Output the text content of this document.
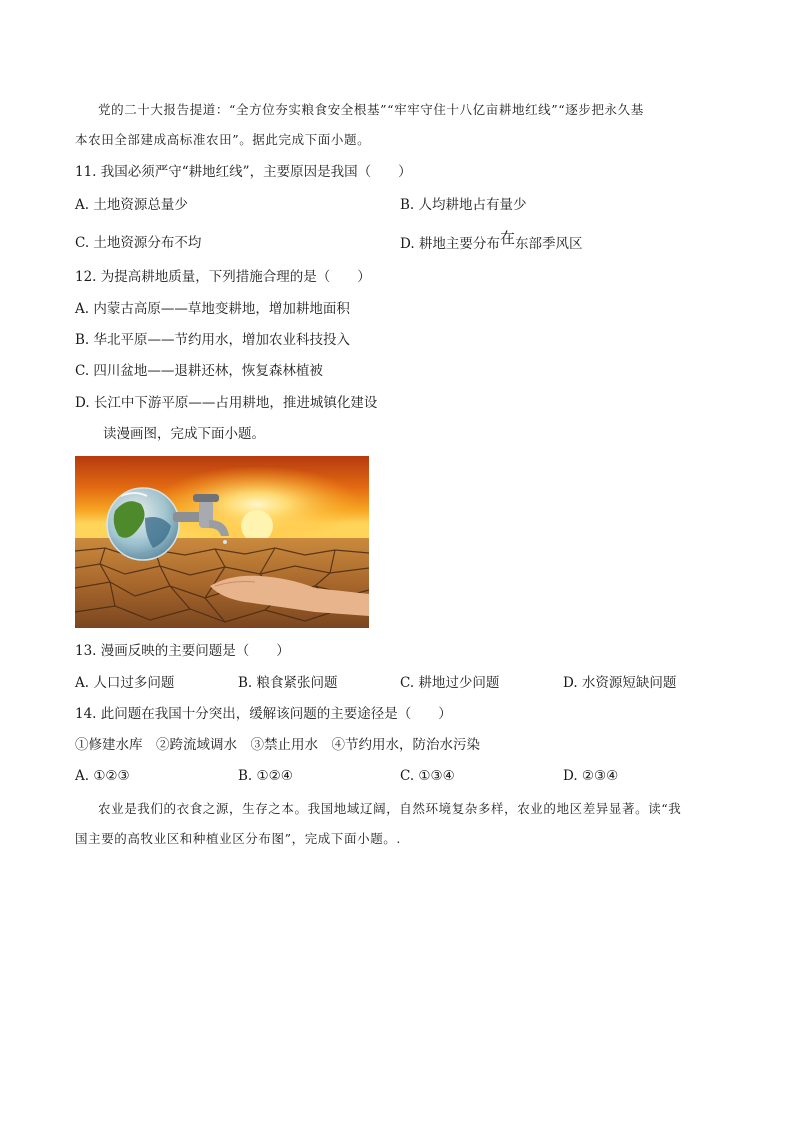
党的二十大报告提道：“全方位夯实粮食安全根基”“牢牢守住十八亿亩耕地红线”“逐步把永久基
本农田全部建成高标准农田”。据此完成下面小题。
11. 我国必须严守“耕地红线”，主要原因是我国（　　）
A. 土地资源总量少	B. 人均耕地占有量少
C. 土地资源分布不均	D. 耕地主要分布在东部季风区
12. 为提高耕地质量，下列措施合理的是（　　）
A. 内蒙古高原——草地变耕地，增加耕地面积
B. 华北平原——节约用水，增加农业科技投入
C. 四川盆地——退耕还林，恢复森林植被
D. 长江中下游平原——占用耕地，推进城镇化建设
读漫画图，完成下面小题。
13. 漫画反映的主要问题是（　　）
A. 人口过多问题	B. 粮食紧张问题	C. 耕地过少问题	D. 水资源短缺问题
14. 此问题在我国十分突出，缓解该问题的主要途径是（　　）
①修建水库　②跨流域调水　③禁止用水　④节约用水，防治水污染
A. ①②③	B. ①②④	C. ①③④	D. ②③④
农业是我们的衣食之源，生存之本。我国地域辽阔，自然环境复杂多样，农业的地区差异显著。读“我
国主要的高牧业区和种植业区分布图”，完成下面小题。.
